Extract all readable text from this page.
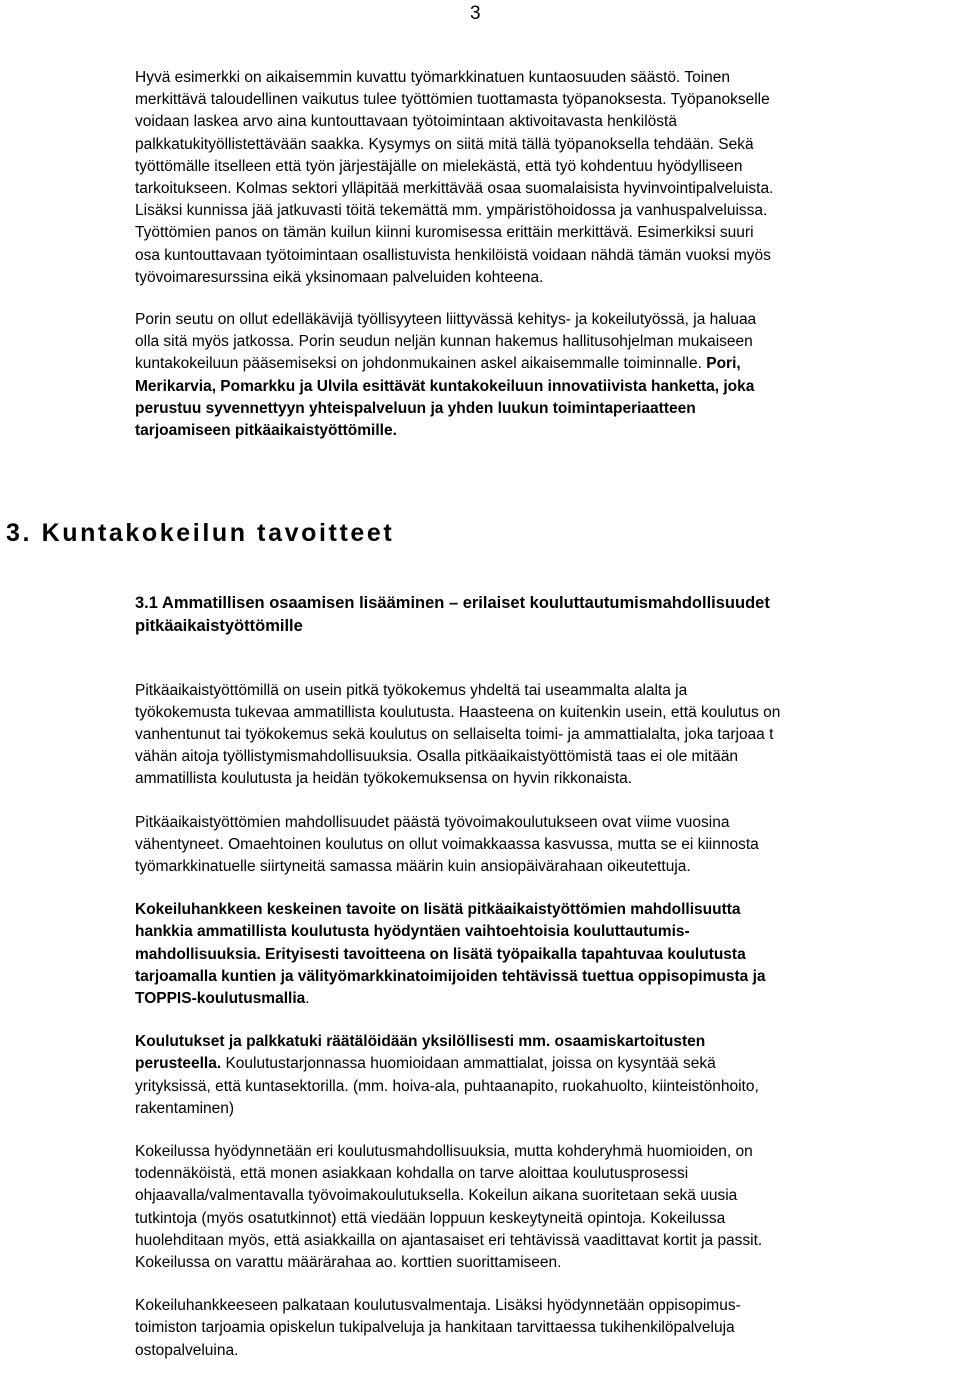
3

Hyvä esimerkki on aikaisemmin kuvattu työmarkkinatuen kuntaosuuden säästö. Toinen
merkittävä taloudellinen vaikutus tulee työttömien tuottamasta työpanoksesta. Työpanokselle
voidaan laskea arvo aina kuntouttavaan työtoimintaan aktivoitavasta henkilöstä
palkkatukityöllistettävään saakka. Kysymys on siitä mitä tällä työpanoksella tehdään. Sekä
työttömälle itselleen että työn järjestäjälle on mielekästä, että työ kohdentuu hyödylliseen
tarkoitukseen. Kolmas sektori ylläpitää merkittävää osaa suomalaisista hyvinvointipalveluista.
Lisäksi kunnissa jää jatkuvasti töitä tekemättä mm. ympäristöhoidossa ja vanhuspalveluissa.
Työttömien panos on tämän kuilun kiinni kuromisessa erittäin merkittävä. Esimerkiksi suuri
osa kuntouttavaan työtoimintaan osallistuvista henkilöistä voidaan nähdä tämän vuoksi myös
työvoimaresurssina eikä yksinomaan palveluiden kohteena.

Porin seutu on ollut edelläkävijä työllisyyteen liittyvässä kehitys- ja kokeilutyössä, ja haluaa
olla sitä myös jatkossa. Porin seudun neljän kunnan hakemus hallitusohjelman mukaiseen
kuntakokeiluun pääsemiseksi on johdonmukainen askel aikaisemmalle toiminnalle. Pori,
Merikarvia, Pomarkku ja Ulvila esittävät kuntakokeiluun innovatiivista hanketta, joka
perustuu syvennettyyn yhteispalveluun ja yhden luukun toimintaperiaatteen
tarjoamiseen pitkäaikaistyöttömille.

3. Kuntakokeilun tavoitteet
3.1 Ammatillisen osaamisen lisääminen – erilaiset kouluttautumismahdollisuudet
pitkäaikaistyöttömille

Pitkäaikaistyöttömillä on usein pitkä työkokemus yhdeltä tai useammalta alalta ja
työkokemusta tukevaa ammatillista koulutusta. Haasteena on kuitenkin usein, että koulutus on
vanhentunut tai työkokemus sekä koulutus on sellaiselta toimi- ja ammattialalta, joka tarjoaa t
vähän aitoja työllistymismahdollisuuksia. Osalla pitkäaikaistyöttömistä taas ei ole mitään
ammatillista koulutusta ja heidän työkokemuksensa on hyvin rikkonaista.

Pitkäaikaistyöttömien mahdollisuudet päästä työvoimakoulutukseen ovat viime vuosina
vähentyneet. Omaehtoinen koulutus on ollut voimakkaassa kasvussa, mutta se ei kiinnosta
työmarkkinatuelle siirtyneitä samassa määrin kuin ansiopäivärahaan oikeutettuja.

Kokeiluhankkeen keskeinen tavoite on lisätä pitkäaikaistyöttömien mahdollisuutta
hankkia ammatillista koulutusta hyödyntäen vaihtoehtoisia kouluttautumis-
mahdollisuuksia. Erityisesti tavoitteena on lisätä työpaikalla tapahtuvaa koulutusta
tarjoamalla kuntien ja välityömarkkinatoimijoiden tehtävissä tuettua oppisopimusta ja
TOPPIS-koulutusmallia.

Koulutukset ja palkkatuki räätälöidään yksilöllisesti mm. osaamiskartoitusten
perusteella. Koulutustarjonnassa huomioidaan ammattialat, joissa on kysyntää sekä
yrityksissä, että kuntasektorilla. (mm. hoiva-ala, puhtaanapito, ruokahuolto, kiinteistönhoito,
rakentaminen)

Kokeilussa hyödynnetään eri koulutusmahdollisuuksia, mutta kohderyhmä huomioiden, on
todennäköistä, että monen asiakkaan kohdalla on tarve aloittaa koulutusprosessi
ohjaavalla/valmentavalla työvoimakoulutuksella. Kokeilun aikana suoritetaan sekä uusia
tutkintoja (myös osatutkinnot) että viedään loppuun keskeytyneitä opintoja. Kokeilussa
huolehditaan myös, että asiakkailla on ajantasaiset eri tehtävissä vaadittavat kortit ja passit.
Kokeilussa on varattu määrärahaa ao. korttien suorittamiseen.

Kokeiluhankkeeseen palkataan koulutusvalmentaja. Lisäksi hyödynnetään oppisopimus-
toimiston tarjoamia opiskelun tukipalveluja ja hankitaan tarvittaessa tukihenkilöpalveluja
ostopalveluina.
